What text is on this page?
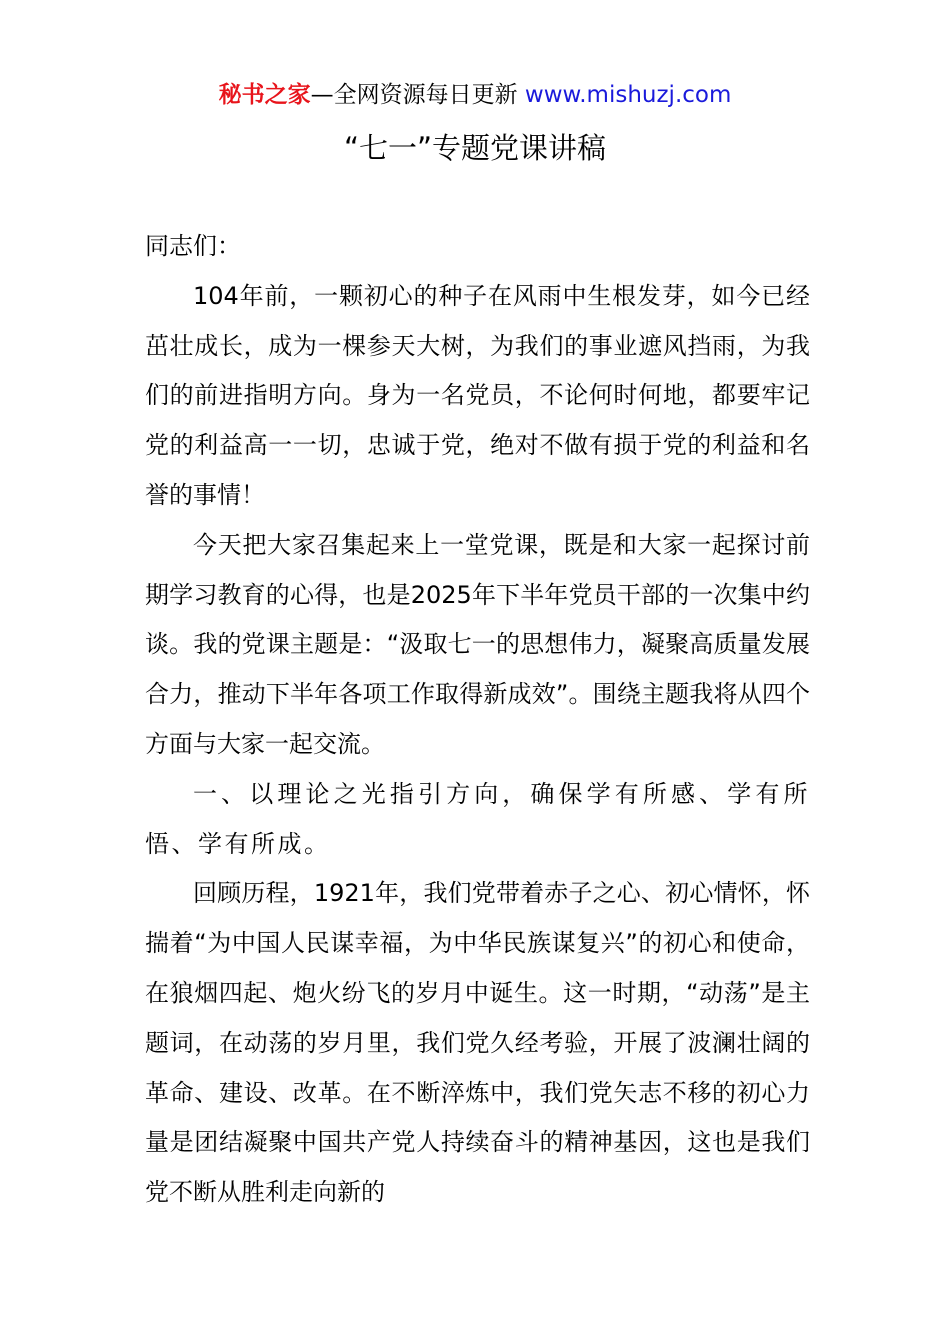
秘书之家—全网资源每日更新 www.mishuzj.com
“七一”专题党课讲稿

同志们：

104年前，一颗初心的种子在风雨中生根发芽，如今已经茁壮成长，成为一棵参天大树，为我们的事业遮风挡雨，为我们的前进指明方向。身为一名党员，不论何时何地，都要牢记党的利益高一一切，忠诚于党，绝对不做有损于党的利益和名誉的事情！

今天把大家召集起来上一堂党课，既是和大家一起探讨前期学习教育的心得，也是2025年下半年党员干部的一次集中约谈。我的党课主题是：“汲取七一的思想伟力，凝聚高质量发展合力，推动下半年各项工作取得新成效”。围绕主题我将从四个方面与大家一起交流。

一、以理论之光指引方向，确保学有所感、学有所悟、学有所成。

回顾历程，1921年，我们党带着赤子之心、初心情怀，怀揣着“为中国人民谋幸福，为中华民族谋复兴”的初心和使命，在狼烟四起、炮火纷飞的岁月中诞生。这一时期，“动荡”是主题词，在动荡的岁月里，我们党久经考验，开展了波澜壮阔的革命、建设、改革。在不断淬炼中，我们党矢志不移的初心力量是团结凝聚中国共产党人持续奋斗的精神基因，这也是我们党不断从胜利走向新的
